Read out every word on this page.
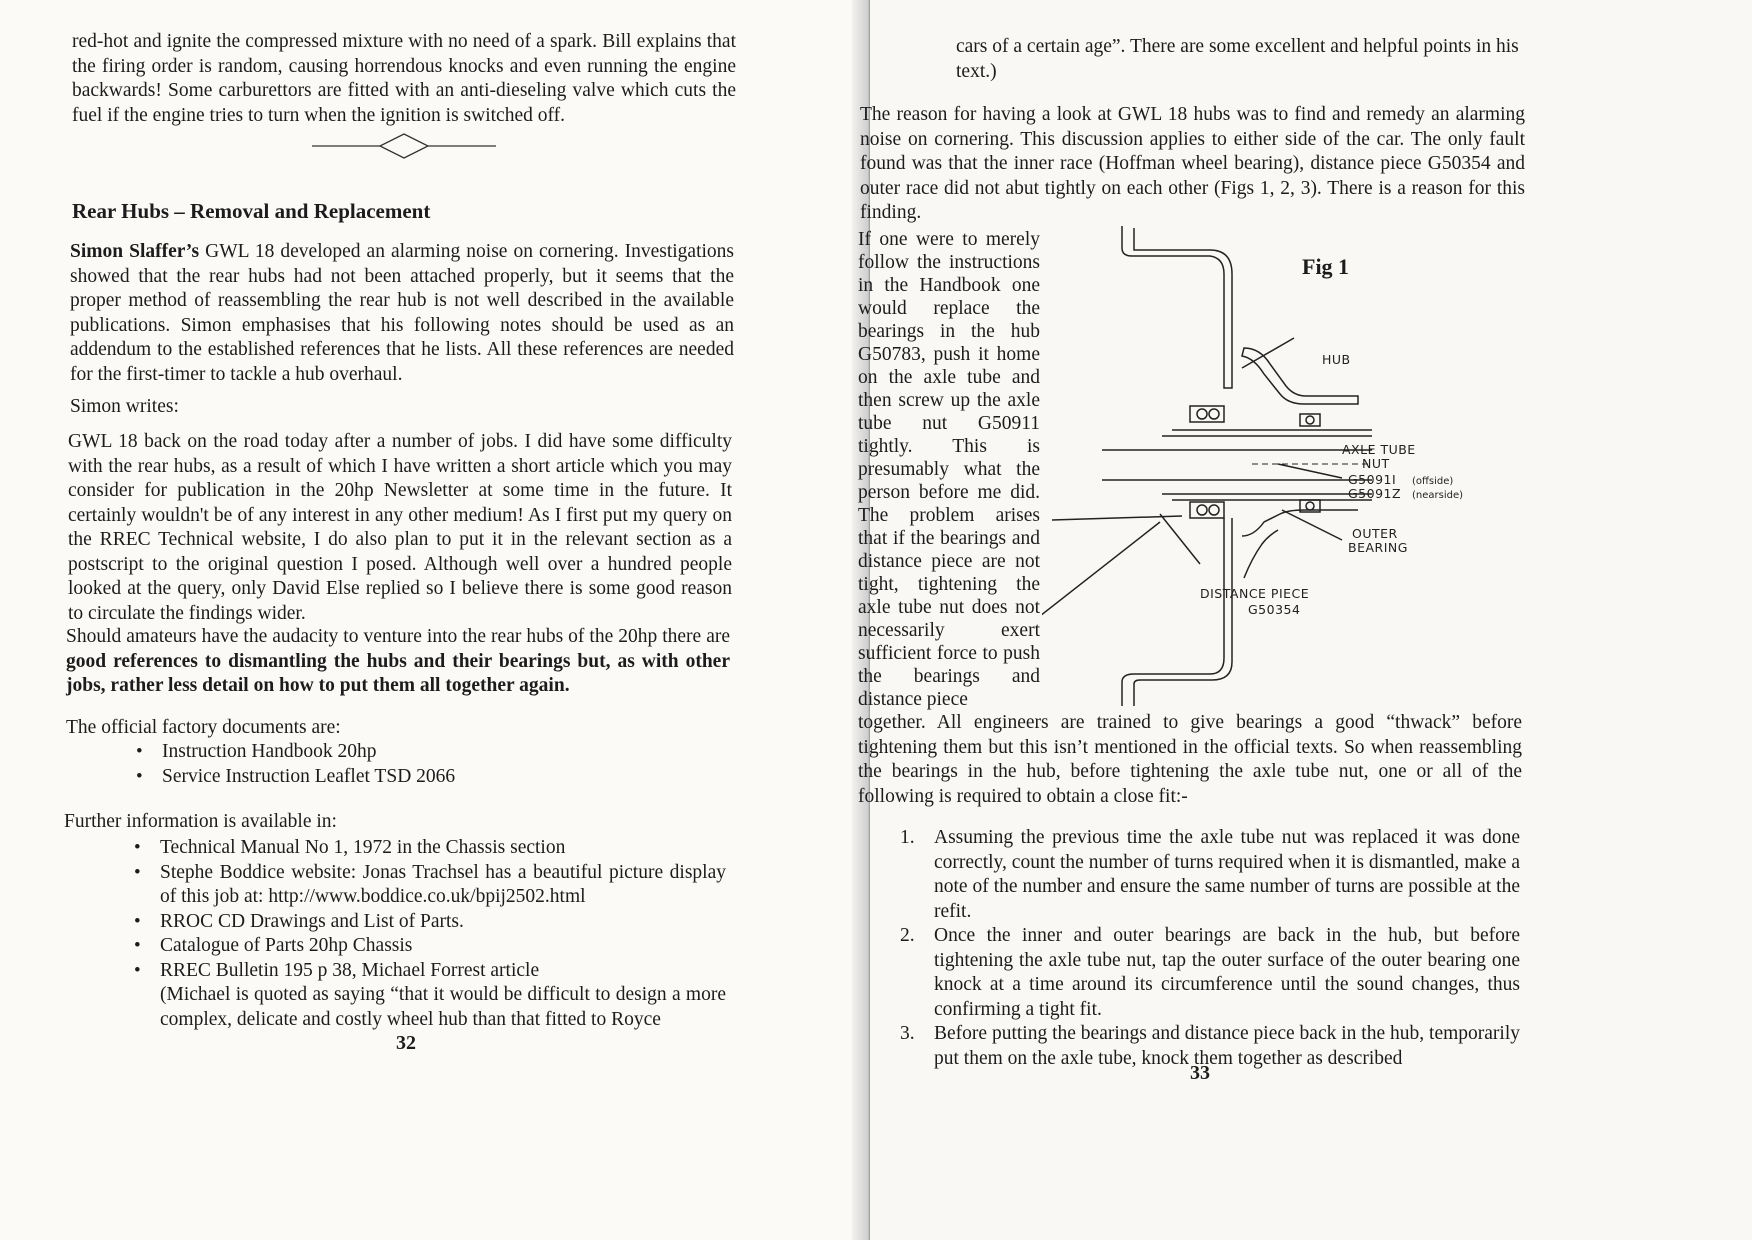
red-hot and ignite the compressed mixture with no need of a spark. Bill explains that the firing order is random, causing horrendous knocks and even running the engine backwards! Some carburettors are fitted with an anti-dieseling valve which cuts the fuel if the engine tries to turn when the ignition is switched off.

Rear Hubs – Removal and Replacement

Simon Slaffer’s GWL 18 developed an alarming noise on cornering. Investigations showed that the rear hubs had not been attached properly, but it seems that the proper method of reassembling the rear hub is not well described in the available publications. Simon emphasises that his following notes should be used as an addendum to the established references that he lists. All these references are needed for the first-timer to tackle a hub overhaul.

Simon writes:

GWL 18 back on the road today after a number of jobs. I did have some difficulty with the rear hubs, as a result of which I have written a short article which you may consider for publication in the 20hp Newsletter at some time in the future. It certainly wouldn't be of any interest in any other medium! As I first put my query on the RREC Technical website, I do also plan to put it in the relevant section as a postscript to the original question I posed. Although well over a hundred people looked at the query, only David Else replied so I believe there is some good reason to circulate the findings wider.

Should amateurs have the audacity to venture into the rear hubs of the 20hp there are good references to dismantling the hubs and their bearings but, as with other jobs, rather less detail on how to put them all together again.

The official factory documents are:

• Instruction Handbook 20hp
• Service Instruction Leaflet TSD 2066

Further information is available in:

• Technical Manual No 1, 1972 in the Chassis section
• Stephe Boddice website: Jonas Trachsel has a beautiful picture display of this job at: http://www.boddice.co.uk/bpij2502.html
• RROC CD Drawings and List of Parts.
• Catalogue of Parts 20hp Chassis
• RREC Bulletin 195 p 38, Michael Forrest article

(Michael is quoted as saying “that it would be difficult to design a more complex, delicate and costly wheel hub than that fitted to Royce

32

cars of a certain age”. There are some excellent and helpful points in his text.)

The reason for having a look at GWL 18 hubs was to find and remedy an alarming noise on cornering. This discussion applies to either side of the car. The only fault found was that the inner race (Hoffman wheel bearing), distance piece G50354 and outer race did not abut tightly on each other (Figs 1, 2, 3). There is a reason for this finding.

If one were to merely follow the instructions in the Handbook one would replace the bearings in the hub G50783, push it home on the axle tube and then screw up the axle tube nut G50911 tightly. This is presumably what the person before me did. The problem arises that if the bearings and distance piece are not tight, tightening the axle tube nut does not necessarily exert sufficient force to push the bearings and distance piece

Fig 1
HUB
AXLE TUBE
NUT
G5091I (offside)
G5091Z (nearside)
OUTER
BEARING
DISTANCE PIECE
G50354

together. All engineers are trained to give bearings a good “thwack” before tightening them but this isn’t mentioned in the official texts. So when reassembling the bearings in the hub, before tightening the axle tube nut, one or all of the following is required to obtain a close fit:-

1. Assuming the previous time the axle tube nut was replaced it was done correctly, count the number of turns required when it is dismantled, make a note of the number and ensure the same number of turns are possible at the refit.
2. Once the inner and outer bearings are back in the hub, but before tightening the axle tube nut, tap the outer surface of the outer bearing one knock at a time around its circumference until the sound changes, thus confirming a tight fit.
3. Before putting the bearings and distance piece back in the hub, temporarily put them on the axle tube, knock them together as described
33
